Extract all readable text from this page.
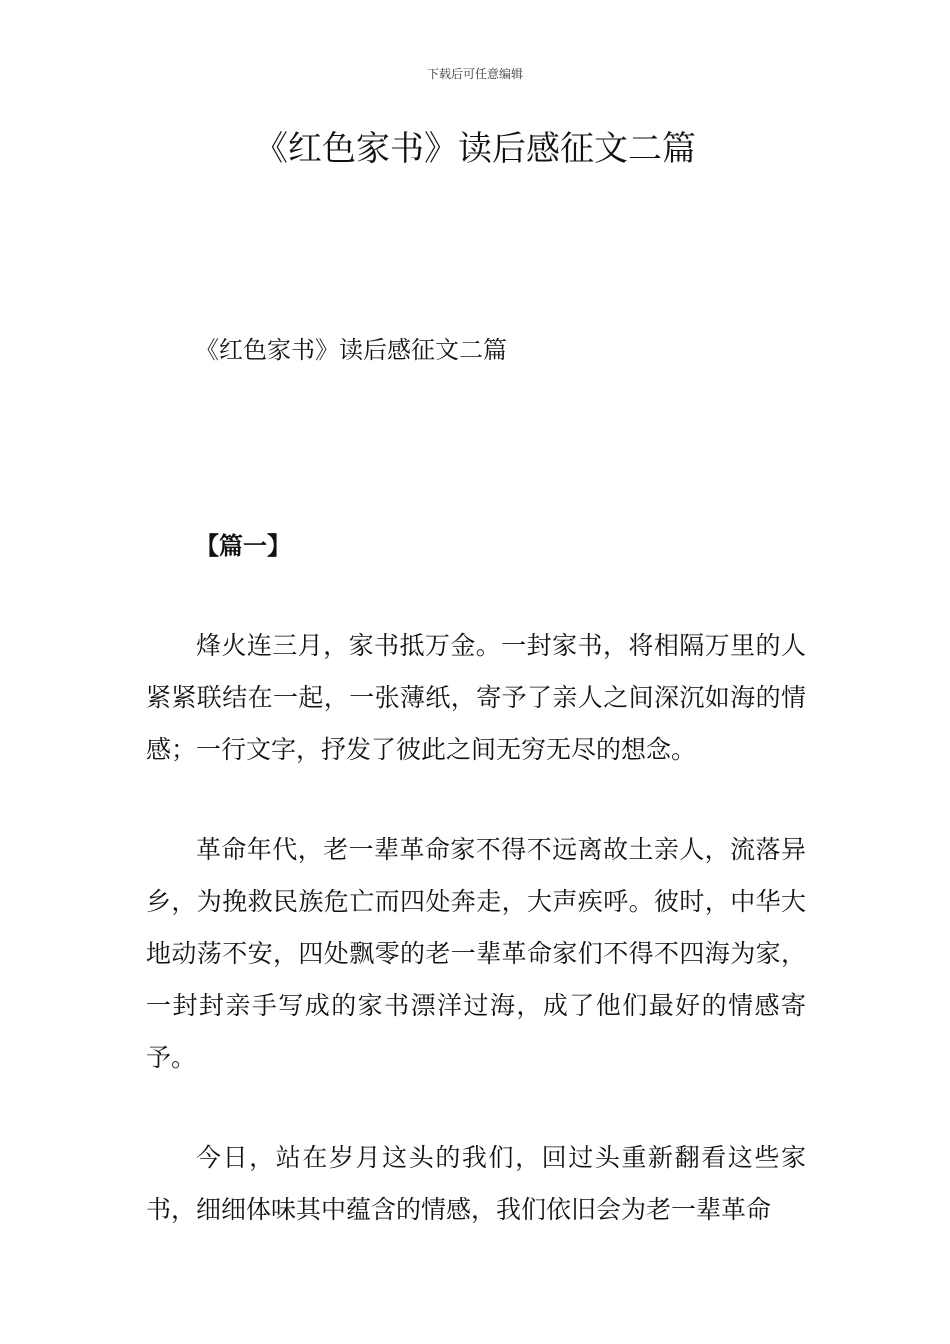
下载后可任意编辑
《红色家书》读后感征文二篇
《红色家书》读后感征文二篇
【篇一】

烽火连三月，家书抵万金。一封家书，将相隔万里的人紧紧联结在一起，一张薄纸，寄予了亲人之间深沉如海的情感；一行文字，抒发了彼此之间无穷无尽的想念。

革命年代，老一辈革命家不得不远离故土亲人，流落异乡，为挽救民族危亡而四处奔走，大声疾呼。彼时，中华大地动荡不安，四处飘零的老一辈革命家们不得不四海为家，一封封亲手写成的家书漂洋过海，成了他们最好的情感寄予。

今日，站在岁月这头的我们，回过头重新翻看这些家书，细细体味其中蕴含的情感，我们依旧会为老一辈革命
